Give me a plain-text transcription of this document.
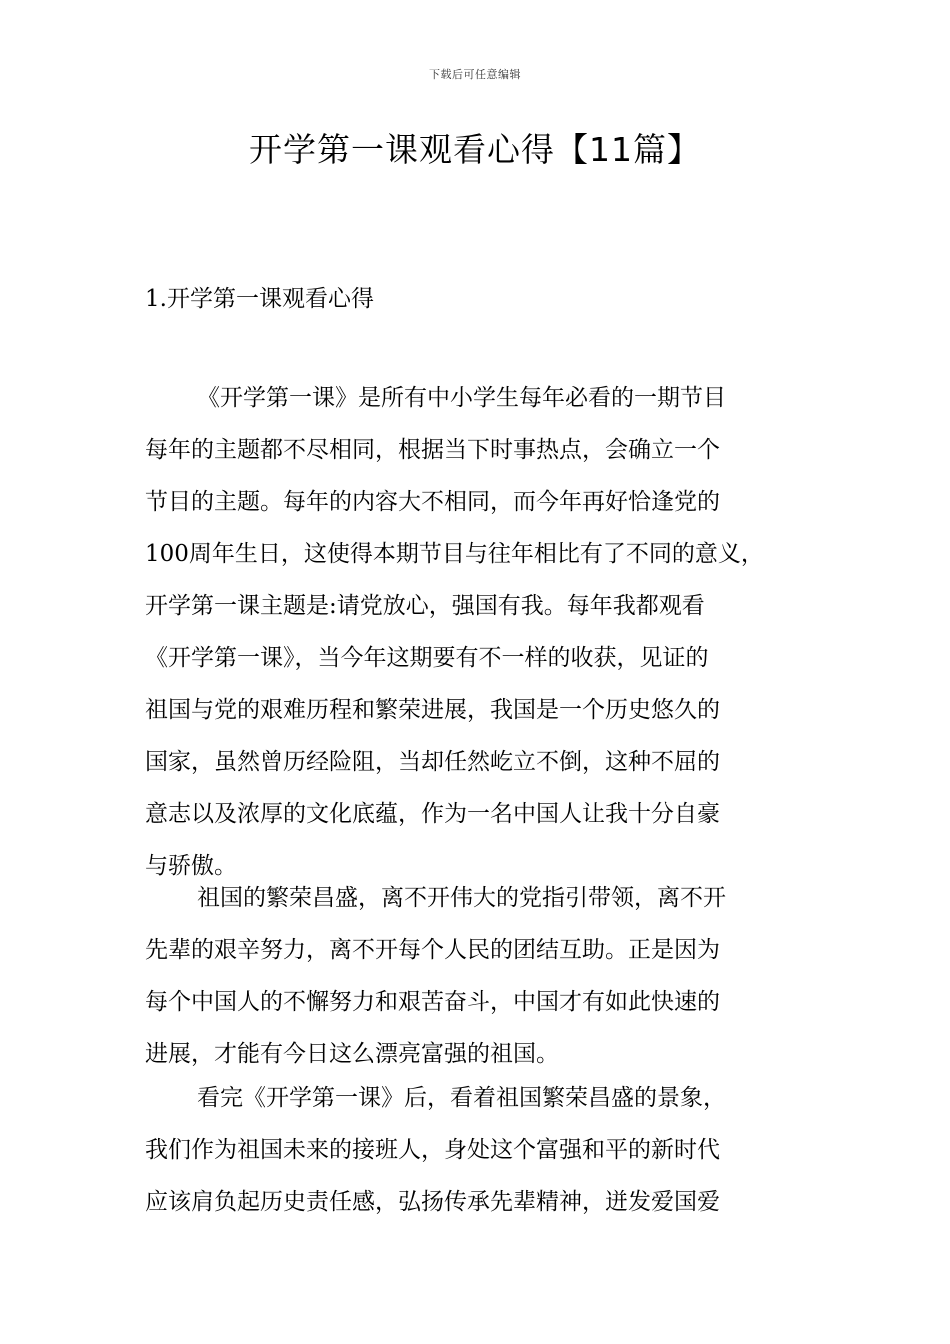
下载后可任意编辑
开学第一课观看心得【11篇】
1.开学第一课观看心得
《开学第一课》是所有中小学生每年必看的一期节目
每年的主题都不尽相同，根据当下时事热点，会确立一个
节目的主题。每年的内容大不相同，而今年再好恰逢党的
100周年生日，这使得本期节目与往年相比有了不同的意义，
开学第一课主题是:请党放心，强国有我。每年我都观看
《开学第一课》，当今年这期要有不一样的收获，见证的
祖国与党的艰难历程和繁荣进展，我国是一个历史悠久的
国家，虽然曾历经险阻，当却任然屹立不倒，这种不屈的
意志以及浓厚的文化底蕴，作为一名中国人让我十分自豪
与骄傲。
祖国的繁荣昌盛，离不开伟大的党指引带领，离不开
先辈的艰辛努力，离不开每个人民的团结互助。正是因为
每个中国人的不懈努力和艰苦奋斗，中国才有如此快速的
进展，才能有今日这么漂亮富强的祖国。
看完《开学第一课》后，看着祖国繁荣昌盛的景象，
我们作为祖国未来的接班人，身处这个富强和平的新时代
应该肩负起历史责任感，弘扬传承先辈精神，迸发爱国爱
